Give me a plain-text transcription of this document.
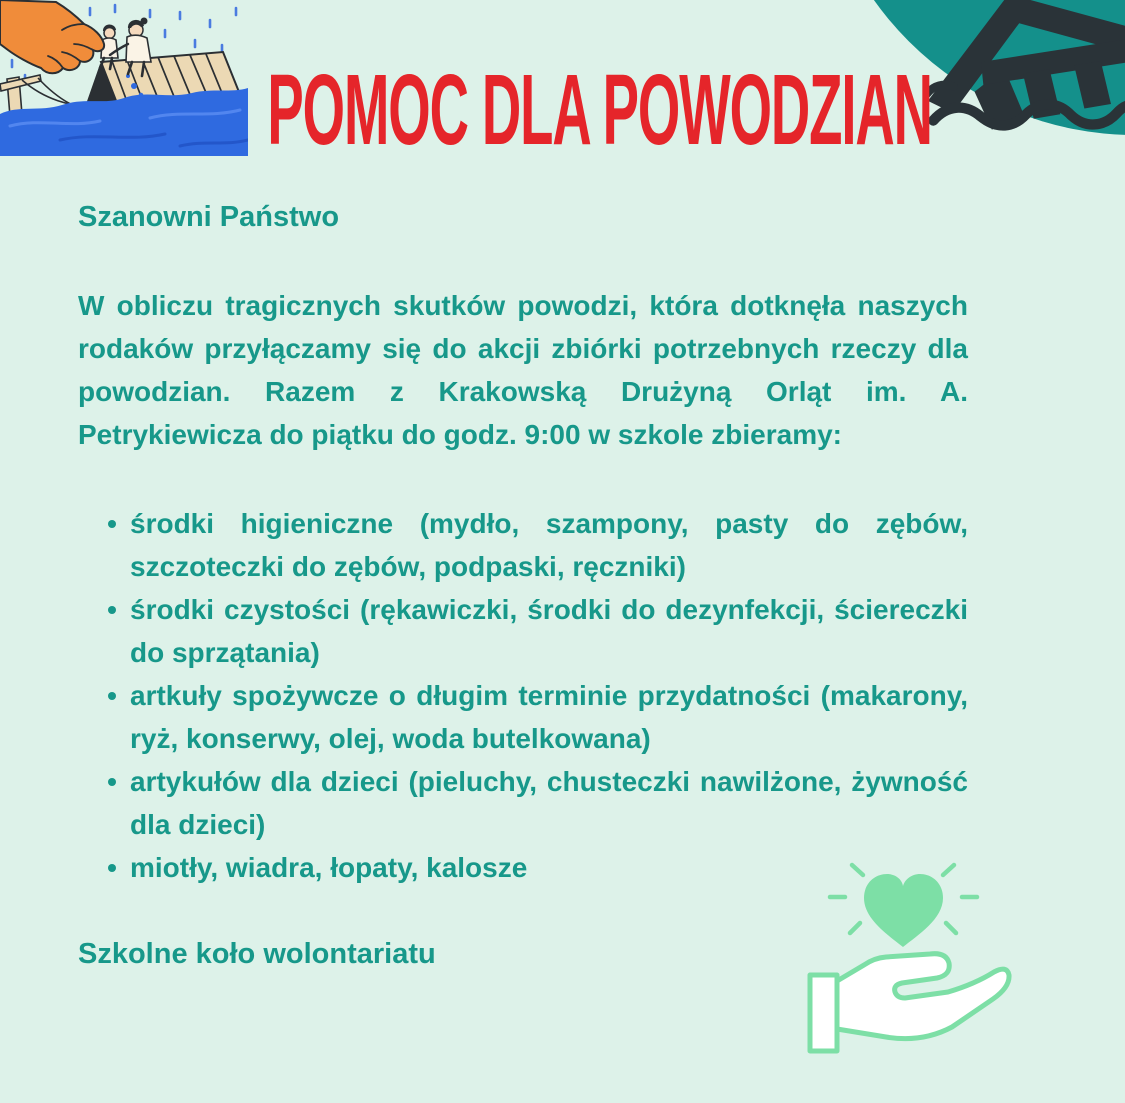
POMOC DLA POWODZIAN

Szanowni Państwo

W obliczu tragicznych skutków powodzi, która dotknęła naszych rodaków przyłączamy się do akcji zbiórki potrzebnych rzeczy dla powodzian. Razem z Krakowską Drużyną Orląt im. A. Petrykiewicza do piątku do godz. 9:00 w szkole zbieramy:

środki higieniczne (mydło, szampony, pasty do zębów, szczoteczki do zębów, podpaski, ręczniki)
środki czystości (rękawiczki, środki do dezynfekcji, ściereczki do sprzątania)
artkuły spożywcze o długim terminie przydatności (makarony, ryż, konserwy, olej, woda butelkowana)
artykułów dla dzieci (pieluchy, chusteczki nawilżone, żywność dla dzieci)
miotły, wiadra, łopaty, kalosze

Szkolne koło wolontariatu
